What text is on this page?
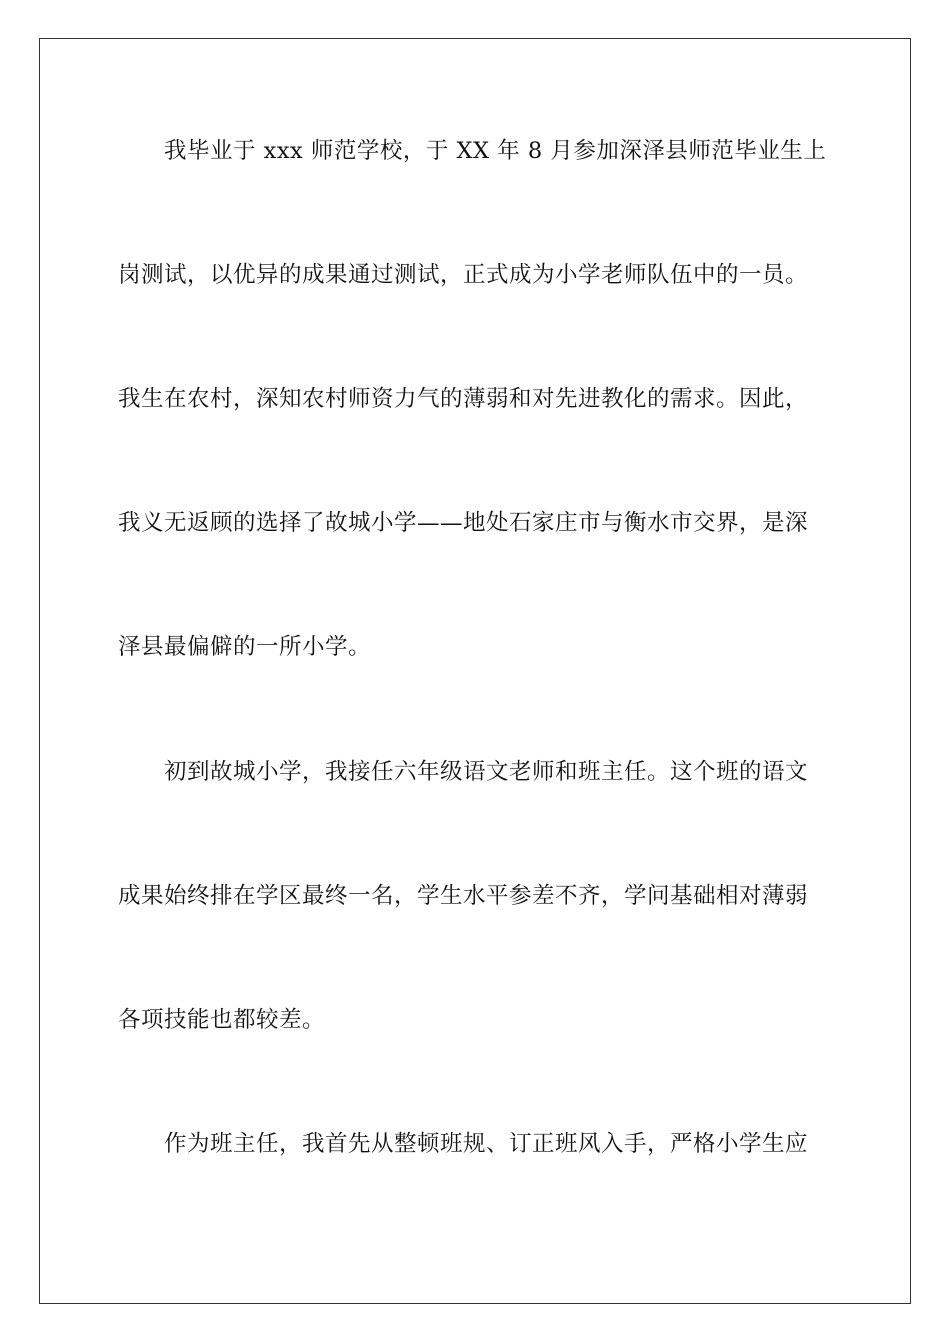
我毕业于 xxx 师范学校，于 XX 年 8 月参加深泽县师范毕业生上
岗测试，以优异的成果通过测试，正式成为小学老师队伍中的一员。
我生在农村，深知农村师资力气的薄弱和对先进教化的需求。因此，
我义无返顾的选择了故城小学——地处石家庄市与衡水市交界，是深
泽县最偏僻的一所小学。
初到故城小学，我接任六年级语文老师和班主任。这个班的语文
成果始终排在学区最终一名，学生水平参差不齐，学问基础相对薄弱
各项技能也都较差。
作为班主任，我首先从整顿班规、订正班风入手，严格小学生应
